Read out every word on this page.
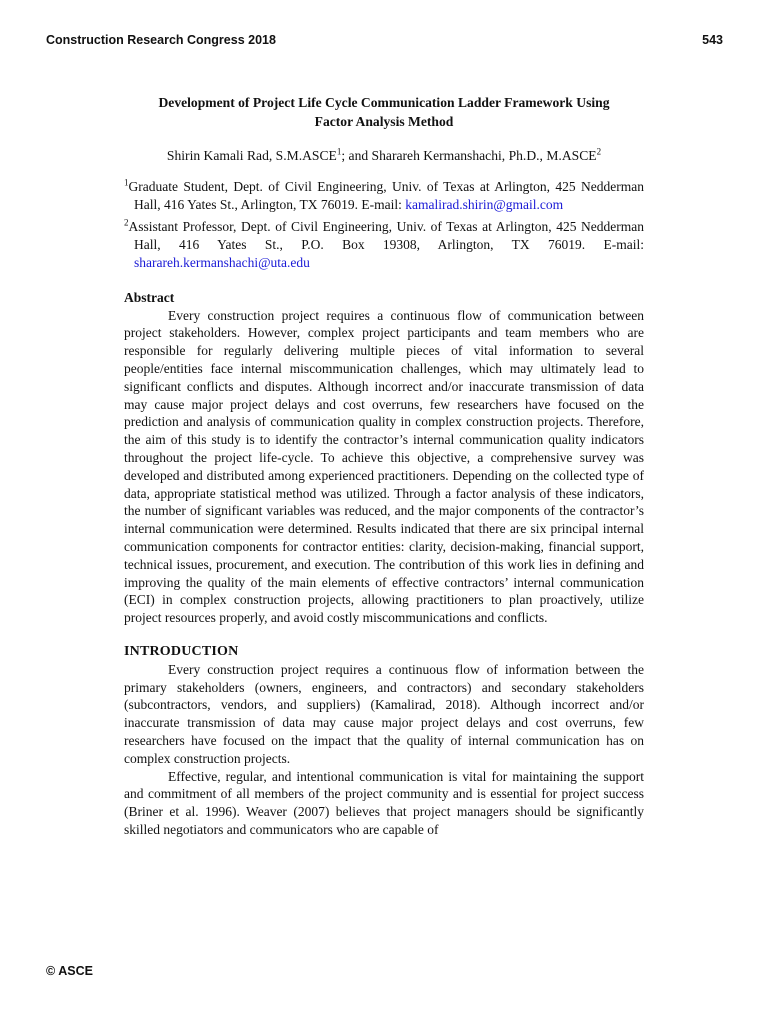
Construction Research Congress 2018	543
Development of Project Life Cycle Communication Ladder Framework Using
Factor Analysis Method
Shirin Kamali Rad, S.M.ASCE$^1$; and Sharareh Kermanshachi, Ph.D., M.ASCE$^2$
$^1$Graduate Student, Dept. of Civil Engineering, Univ. of Texas at Arlington, 425 Nedderman Hall, 416 Yates St., Arlington, TX 76019. E-mail: kamalirad.shirin@gmail.com
$^2$Assistant Professor, Dept. of Civil Engineering, Univ. of Texas at Arlington, 425 Nedderman Hall, 416 Yates St., P.O. Box 19308, Arlington, TX 76019. E-mail: sharareh.kermanshachi@uta.edu
Abstract

Every construction project requires a continuous flow of communication between project stakeholders. However, complex project participants and team members who are responsible for regularly delivering multiple pieces of vital information to several people/entities face internal miscommunication challenges, which may ultimately lead to significant conflicts and disputes. Although incorrect and/or inaccurate transmission of data may cause major project delays and cost overruns, few researchers have focused on the prediction and analysis of communication quality in complex construction projects. Therefore, the aim of this study is to identify the contractor’s internal communication quality indicators throughout the project life-cycle. To achieve this objective, a comprehensive survey was developed and distributed among experienced practitioners. Depending on the collected type of data, appropriate statistical method was utilized. Through a factor analysis of these indicators, the number of significant variables was reduced, and the major components of the contractor’s internal communication were determined. Results indicated that there are six principal internal communication components for contractor entities: clarity, decision-making, financial support, technical issues, procurement, and execution. The contribution of this work lies in defining and improving the quality of the main elements of effective contractors’ internal communication (ECI) in complex construction projects, allowing practitioners to plan proactively, utilize project resources properly, and avoid costly miscommunications and conflicts.

INTRODUCTION

Every construction project requires a continuous flow of information between the primary stakeholders (owners, engineers, and contractors) and secondary stakeholders (subcontractors, vendors, and suppliers) (Kamalirad, 2018). Although incorrect and/or inaccurate transmission of data may cause major project delays and cost overruns, few researchers have focused on the impact that the quality of internal communication has on complex construction projects.

Effective, regular, and intentional communication is vital for maintaining the support and commitment of all members of the project community and is essential for project success (Briner et al. 1996). Weaver (2007) believes that project managers should be significantly skilled negotiators and communicators who are capable of

© ASCE
